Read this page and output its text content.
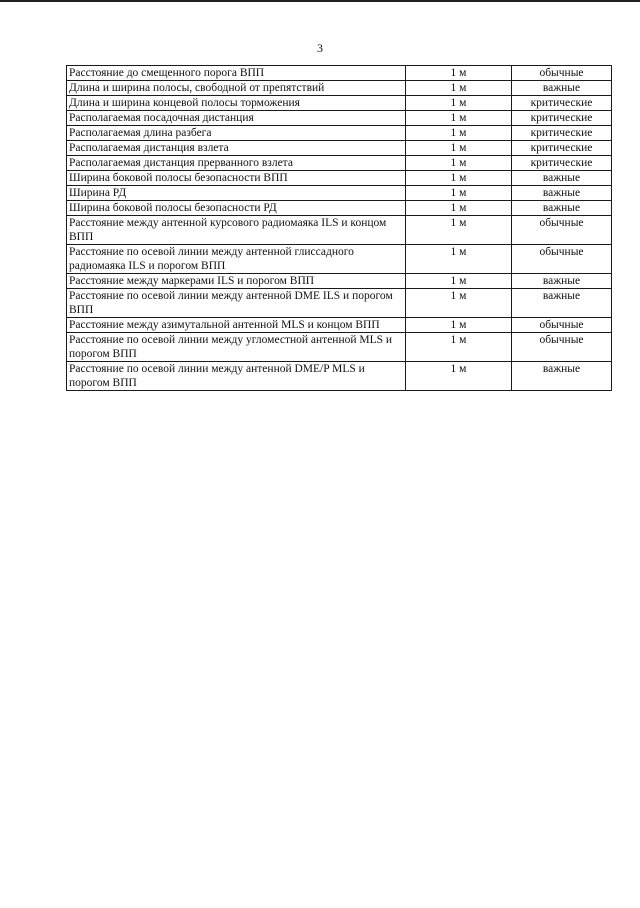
3
Расстояние до смещенного порога ВПП	1 м	обычные
Длина и ширина полосы, свободной от препятствий	1 м	важные
Длина и ширина концевой полосы торможения	1 м	критические
Располагаемая посадочная дистанция	1 м	критические
Располагаемая длина разбега	1 м	критические
Располагаемая дистанция взлета	1 м	критические
Располагаемая дистанция прерванного взлета	1 м	критические
Ширина боковой полосы безопасности ВПП	1 м	важные
Ширина РД	1 м	важные
Ширина боковой полосы безопасности РД	1 м	важные
Расстояние между антенной курсового радиомаяка ILS и концом ВПП	1 м	обычные
Расстояние по осевой линии между антенной глиссадного радиомаяка ILS и порогом ВПП	1 м	обычные
Расстояние между маркерами ILS и порогом ВПП	1 м	важные
Расстояние по осевой линии между антенной DME ILS и порогом ВПП	1 м	важные
Расстояние между азимутальной антенной MLS и концом ВПП	1 м	обычные
Расстояние по осевой линии между угломестной антенной MLS и порогом ВПП	1 м	обычные
Расстояние по осевой линии между антенной DME/P MLS и порогом ВПП	1 м	важные
